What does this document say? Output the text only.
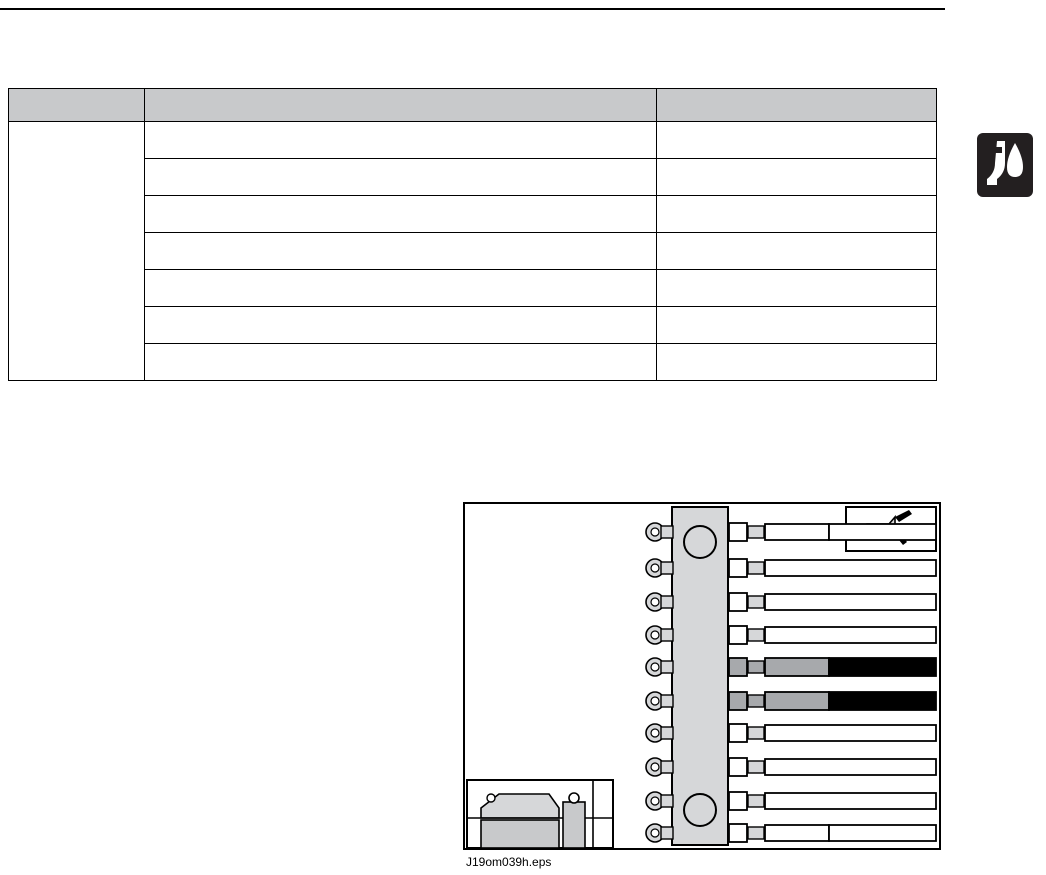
J19om039h.eps
